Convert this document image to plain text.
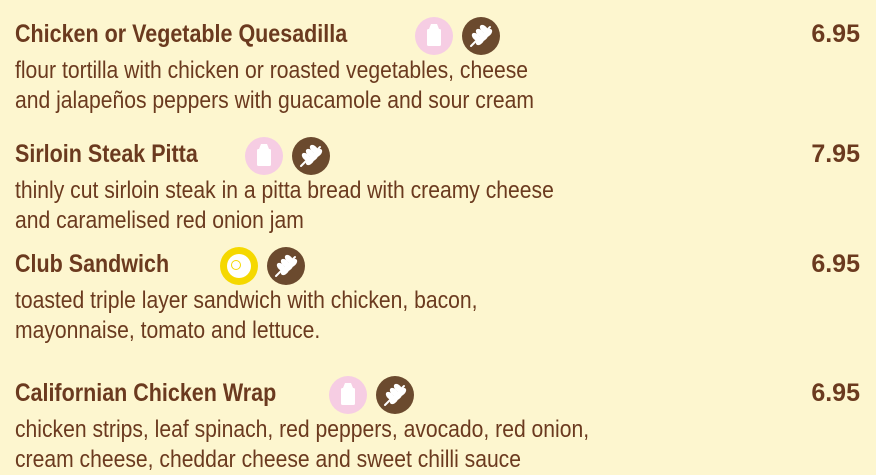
Chicken or Vegetable Quesadilla	6.95
flour tortilla with chicken or roasted vegetables, cheese
and jalapeños peppers with guacamole and sour cream
Sirloin Steak Pitta	7.95
thinly cut sirloin steak in a pitta bread with creamy cheese
and caramelised red onion jam
Club Sandwich	6.95
toasted triple layer sandwich with chicken, bacon,
mayonnaise, tomato and lettuce.
Californian Chicken Wrap	6.95
chicken strips, leaf spinach, red peppers, avocado, red onion,
cream cheese, cheddar cheese and sweet chilli sauce
